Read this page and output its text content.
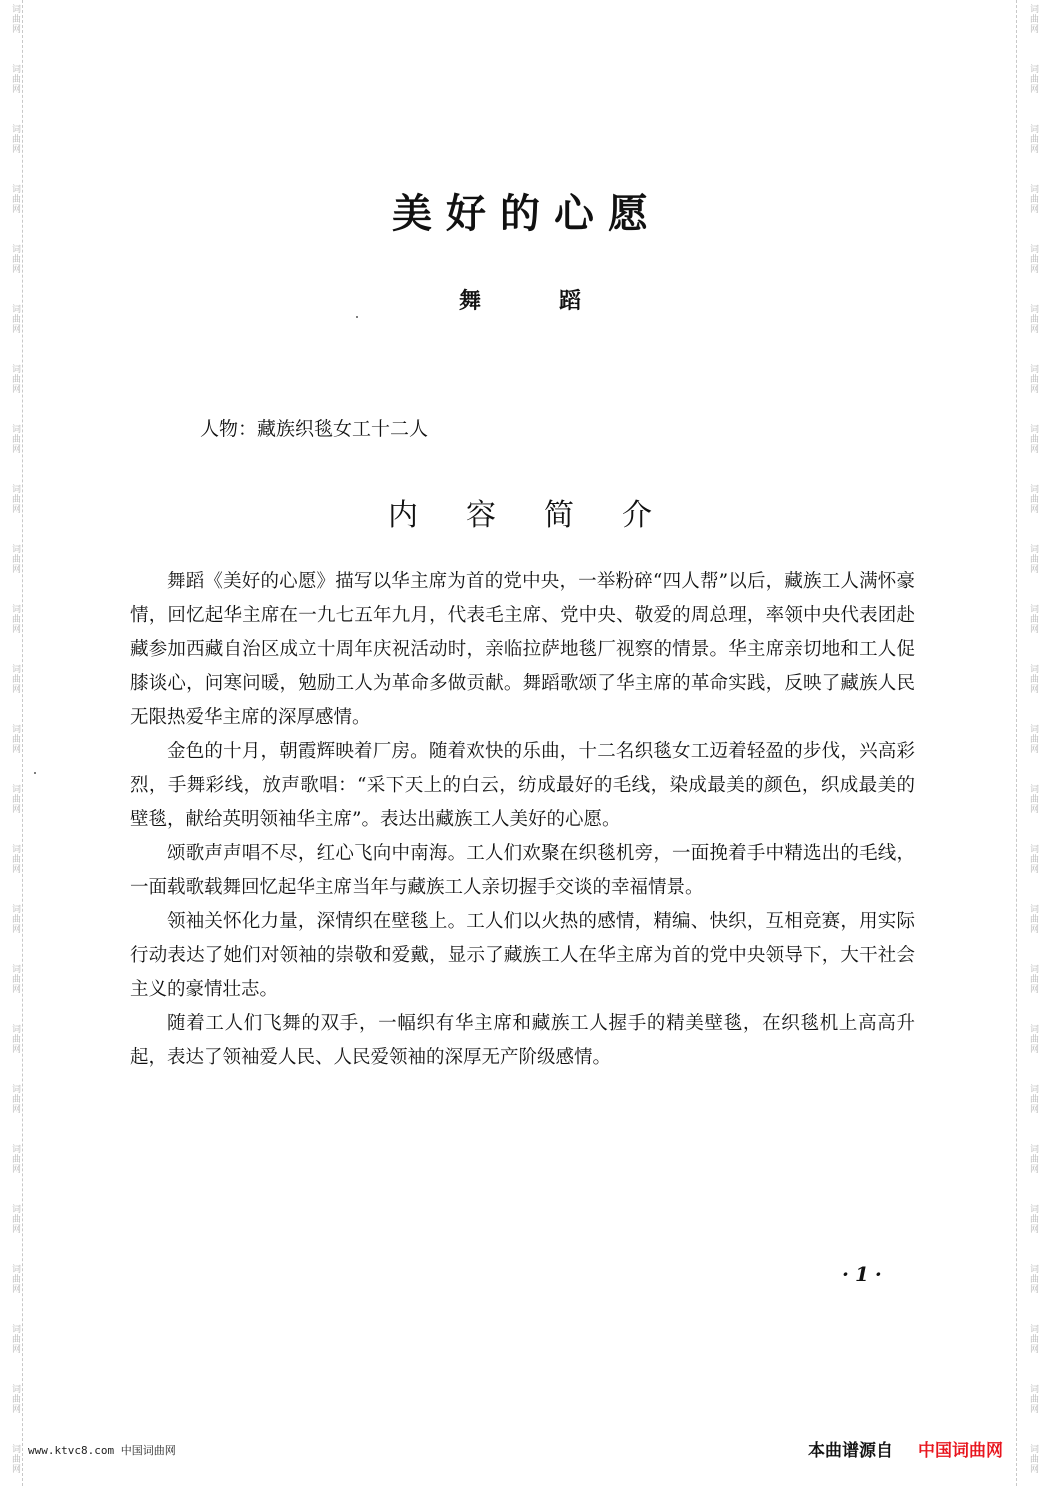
词曲网
词曲网
词曲网
词曲网
词曲网
词曲网
词曲网
词曲网
词曲网
词曲网
词曲网
词曲网
词曲网
词曲网
词曲网
词曲网
词曲网
词曲网
词曲网
词曲网
词曲网
词曲网
词曲网
词曲网
词曲网
词曲网
词曲网
词曲网
词曲网
词曲网
词曲网
词曲网
词曲网
词曲网
词曲网
词曲网
词曲网
词曲网
词曲网
词曲网
词曲网
词曲网
词曲网
词曲网
词曲网
词曲网
词曲网
词曲网
词曲网
词曲网
美好的心愿
舞蹈
人物：藏族织毯女工十二人
内容简介

舞蹈《美好的心愿》描写以华主席为首的党中央，一举粉碎“四人帮”以后，藏族工人满怀豪情，回忆起华主席在一九七五年九月，代表毛主席、党中央、敬爱的周总理，率领中央代表团赴藏参加西藏自治区成立十周年庆祝活动时，亲临拉萨地毯厂视察的情景。华主席亲切地和工人促膝谈心，问寒问暖，勉励工人为革命多做贡献。舞蹈歌颂了华主席的革命实践，反映了藏族人民无限热爱华主席的深厚感情。

金色的十月，朝霞辉映着厂房。随着欢快的乐曲，十二名织毯女工迈着轻盈的步伐，兴高彩烈，手舞彩线，放声歌唱：“采下天上的白云，纺成最好的毛线，染成最美的颜色，织成最美的壁毯，献给英明领袖华主席”。表达出藏族工人美好的心愿。

颂歌声声唱不尽，红心飞向中南海。工人们欢聚在织毯机旁，一面挽着手中精选出的毛线，一面载歌载舞回忆起华主席当年与藏族工人亲切握手交谈的幸福情景。

领袖关怀化力量，深情织在壁毯上。工人们以火热的感情，精编、快织，互相竞赛，用实际行动表达了她们对领袖的崇敬和爱戴，显示了藏族工人在华主席为首的党中央领导下，大干社会主义的豪情壮志。

随着工人们飞舞的双手，一幅织有华主席和藏族工人握手的精美壁毯，在织毯机上高高升起，表达了领袖爱人民、人民爱领袖的深厚无产阶级感情。

·1·
www.ktvc8.com 中国词曲网	本曲谱源自 中国词曲网
